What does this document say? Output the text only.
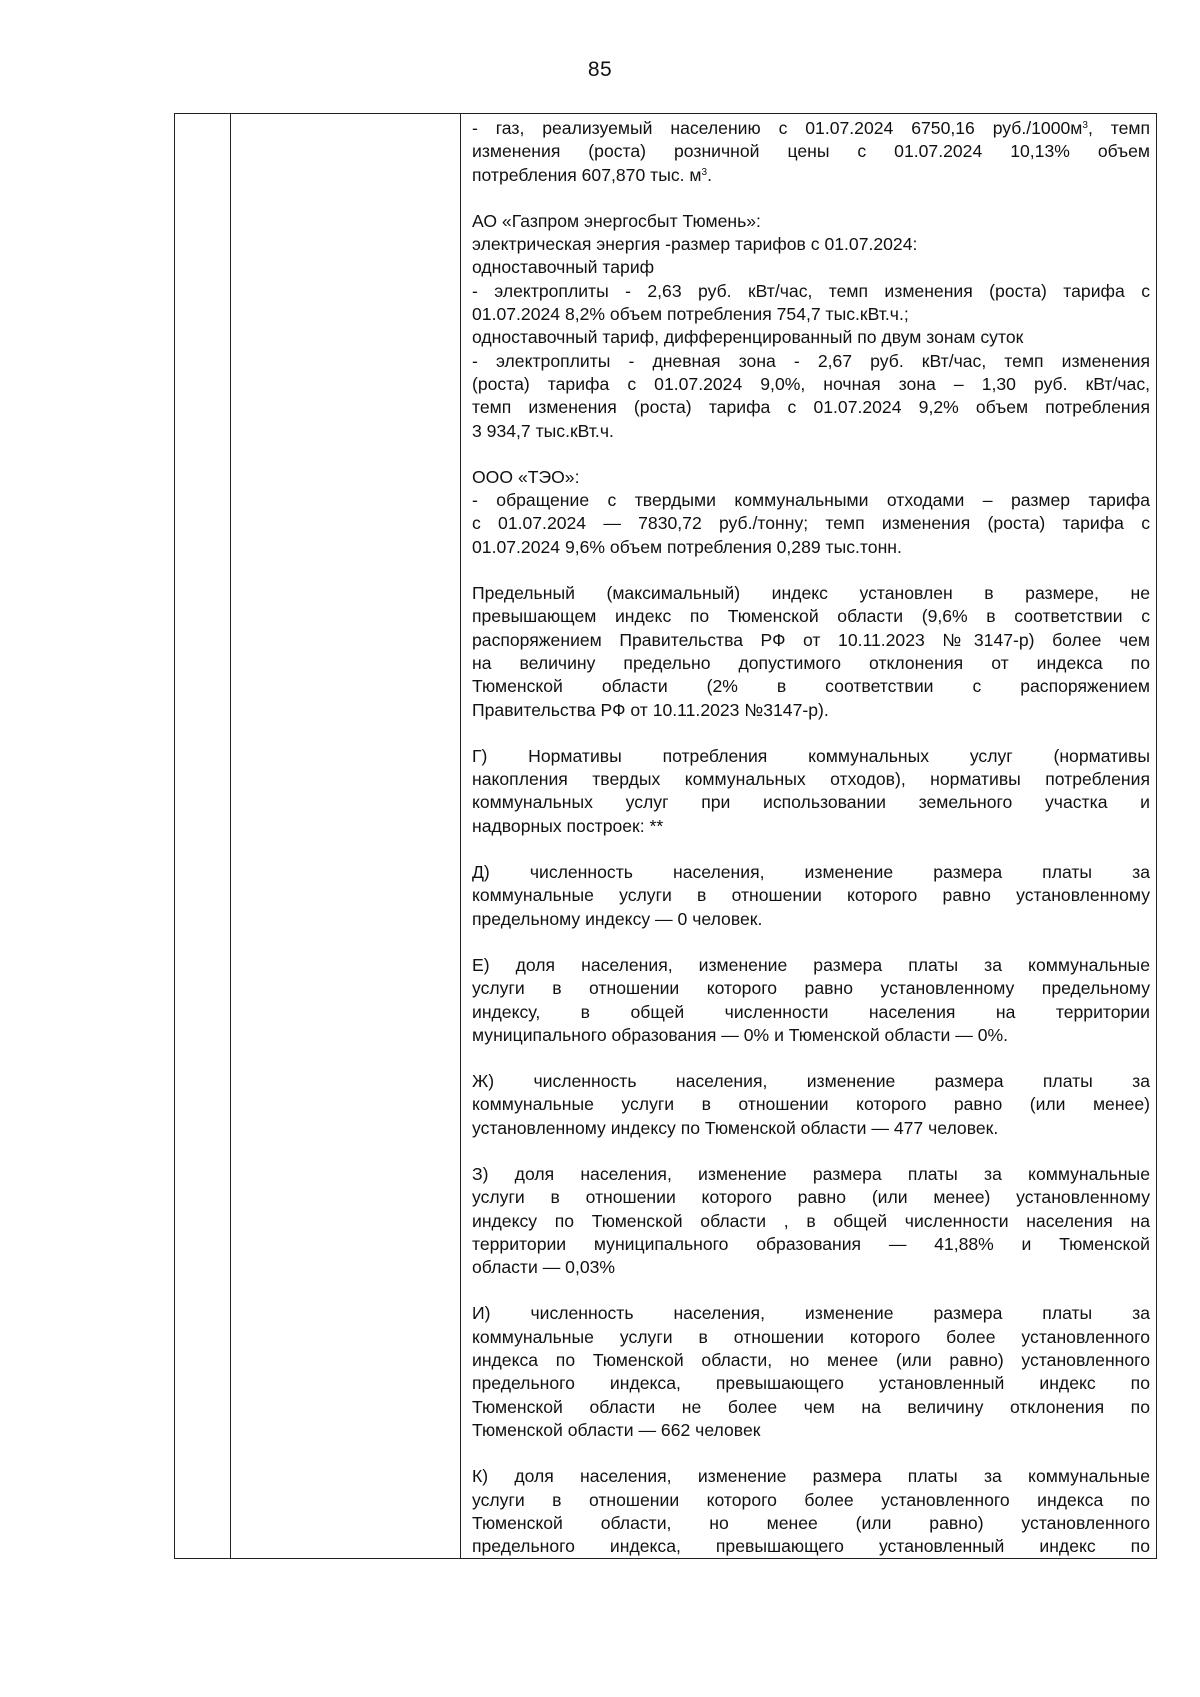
85
- газ, реализуемый населению с 01.07.2024 6750,16 $руб./1000м^3$, темп
изменения (роста) розничной цены с 01.07.2024 10,13% объем
потребления 607,870 тыс. $м^3$.
АО «Газпром энергосбыт Тюмень»:
электрическая энергия -размер тарифов с 01.07.2024:
одноставочный тариф
- электроплиты - 2,63 руб. кВт/час, темп изменения (роста) тарифа с
01.07.2024 8,2% объем потребления 754,7 тыс.кВт.ч.;
одноставочный тариф, дифференцированный по двум зонам суток
- электроплиты - дневная зона - 2,67 руб. кВт/час, темп изменения
(роста) тарифа с 01.07.2024 9,0%, ночная зона – 1,30 руб. кВт/час,
темп изменения (роста) тарифа с 01.07.2024 9,2% объем потребления
3 934,7 тыс.кВт.ч.
ООО «ТЭО»:
- обращение с твердыми коммунальными отходами – размер тарифа
с 01.07.2024 — 7830,72 руб./тонну; темп изменения (роста) тарифа с
01.07.2024 9,6% объем потребления 0,289 тыс.тонн.
Предельный (максимальный) индекс установлен в размере, не
превышающем индекс по Тюменской области (9,6% в соответствии с
распоряжением Правительства РФ от 10.11.2023 №3147-р) более чем
на величину предельно допустимого отклонения от индекса по
Тюменской области (2% в соответствии с распоряжением
Правительства РФ от 10.11.2023 №3147-р).
Г) Нормативы потребления коммунальных услуг (нормативы
накопления твердых коммунальных отходов), нормативы потребления
коммунальных услуг при использовании земельного участка и
надворных построек: **
Д) численность населения, изменение размера платы за
коммунальные услуги в отношении которого равно установленному
предельному индексу — 0 человек.
Е) доля населения, изменение размера платы за коммунальные
услуги в отношении которого равно установленному предельному
индексу, в общей численности населения на территории
муниципального образования — 0% и Тюменской области — 0%.
Ж) численность населения, изменение размера платы за
коммунальные услуги в отношении которого равно (или менее)
установленному индексу по Тюменской области — 477 человек.
З) доля населения, изменение размера платы за коммунальные
услуги в отношении которого равно (или менее) установленному
индексу по Тюменской области , в общей численности населения на
территории муниципального образования — 41,88% и Тюменской
области — 0,03%
И) численность населения, изменение размера платы за
коммунальные услуги в отношении которого более установленного
индекса по Тюменской области, но менее (или равно) установленного
предельного индекса, превышающего установленный индекс по
Тюменской области не более чем на величину отклонения по
Тюменской области — 662 человек
К) доля населения, изменение размера платы за коммунальные
услуги в отношении которого более установленного индекса по
Тюменской области, но менее (или равно) установленного
предельного индекса, превышающего установленный индекс по
